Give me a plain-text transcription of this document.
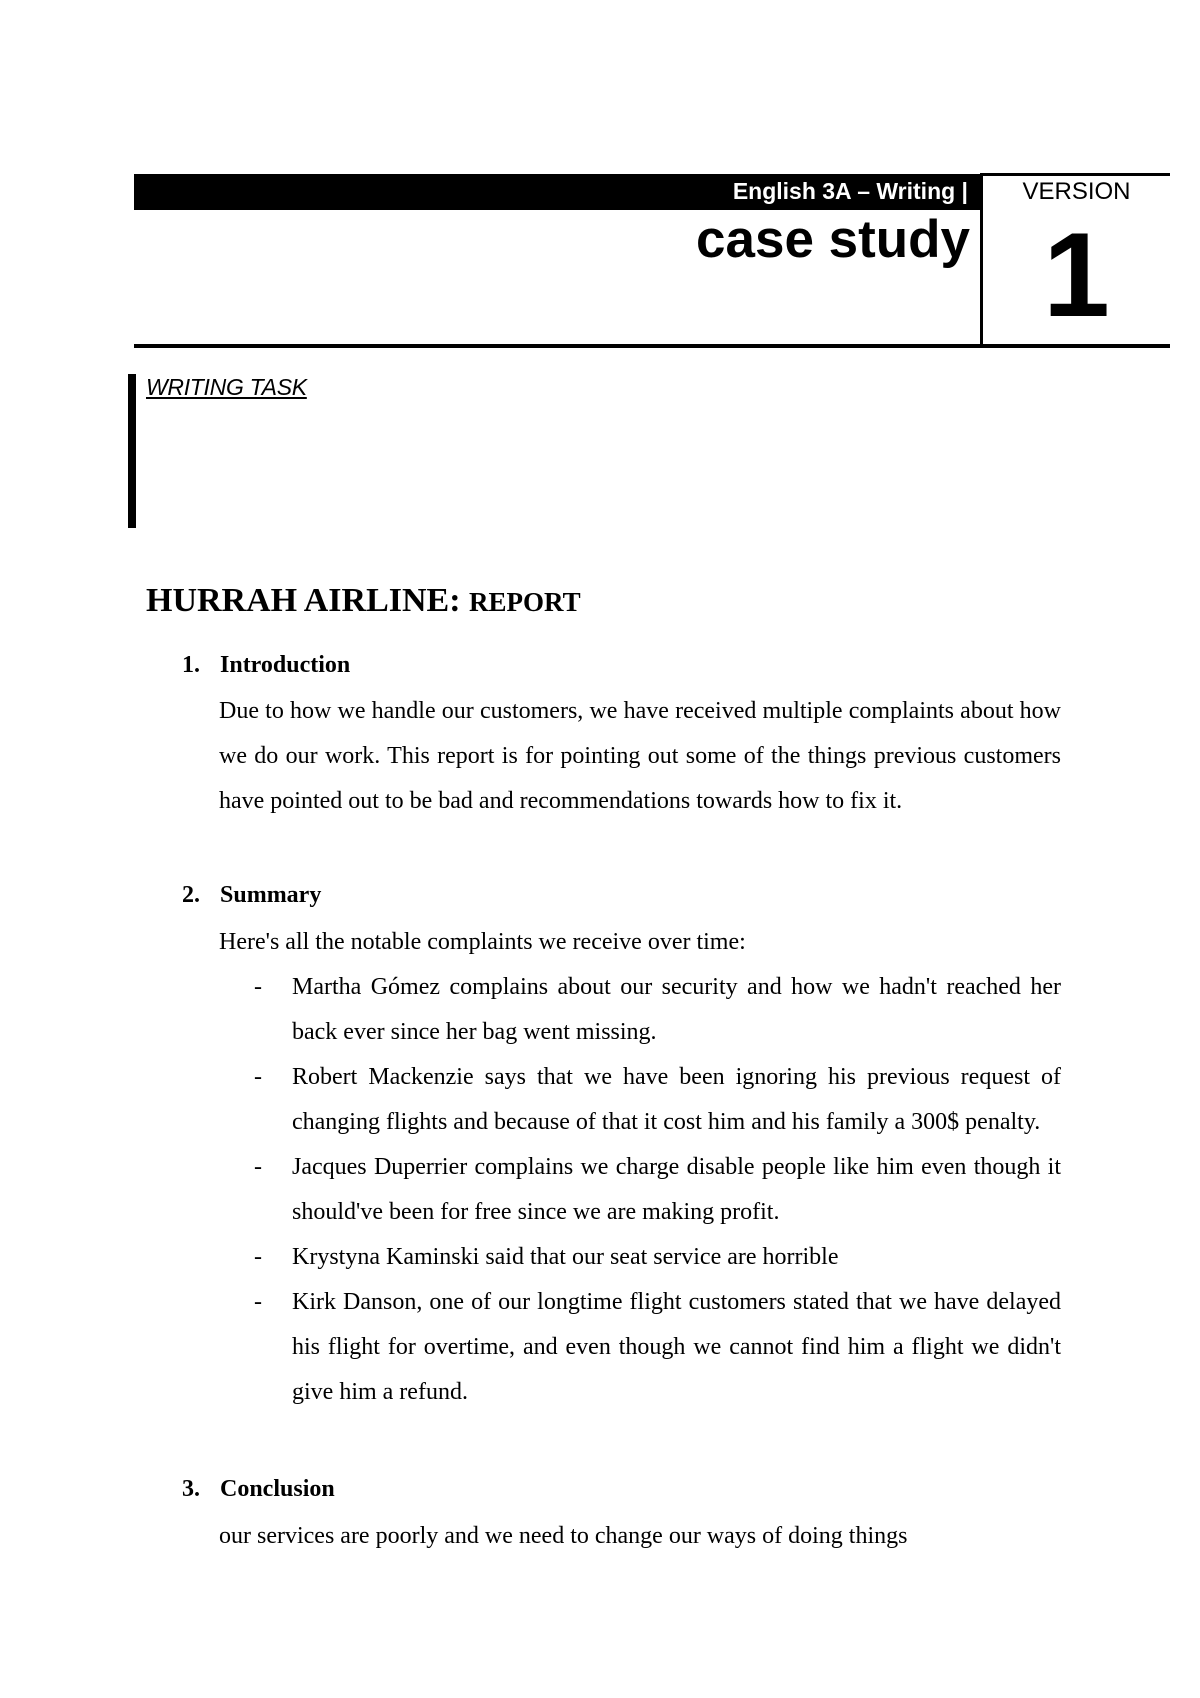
English 3A – Writing |
case study
VERSION
1
WRITING TASK
HURRAH AIRLINE: REPORT
1. Introduction
Due to how we handle our customers, we have received multiple complaints about how we do our work. This report is for pointing out some of the things previous customers have pointed out to be bad and recommendations towards how to fix it.
2. Summary
Here's all the notable complaints we receive over time:
- Martha Gómez complains about our security and how we hadn't reached her back ever since her bag went missing.
- Robert Mackenzie says that we have been ignoring his previous request of changing flights and because of that it cost him and his family a 300$ penalty.
- Jacques Duperrier complains we charge disable people like him even though it should've been for free since we are making profit.
- Krystyna Kaminski said that our seat service are horrible
- Kirk Danson, one of our longtime flight customers stated that we have delayed his flight for overtime, and even though we cannot find him a flight we didn't give him a refund.
3. Conclusion
our services are poorly and we need to change our ways of doing things
